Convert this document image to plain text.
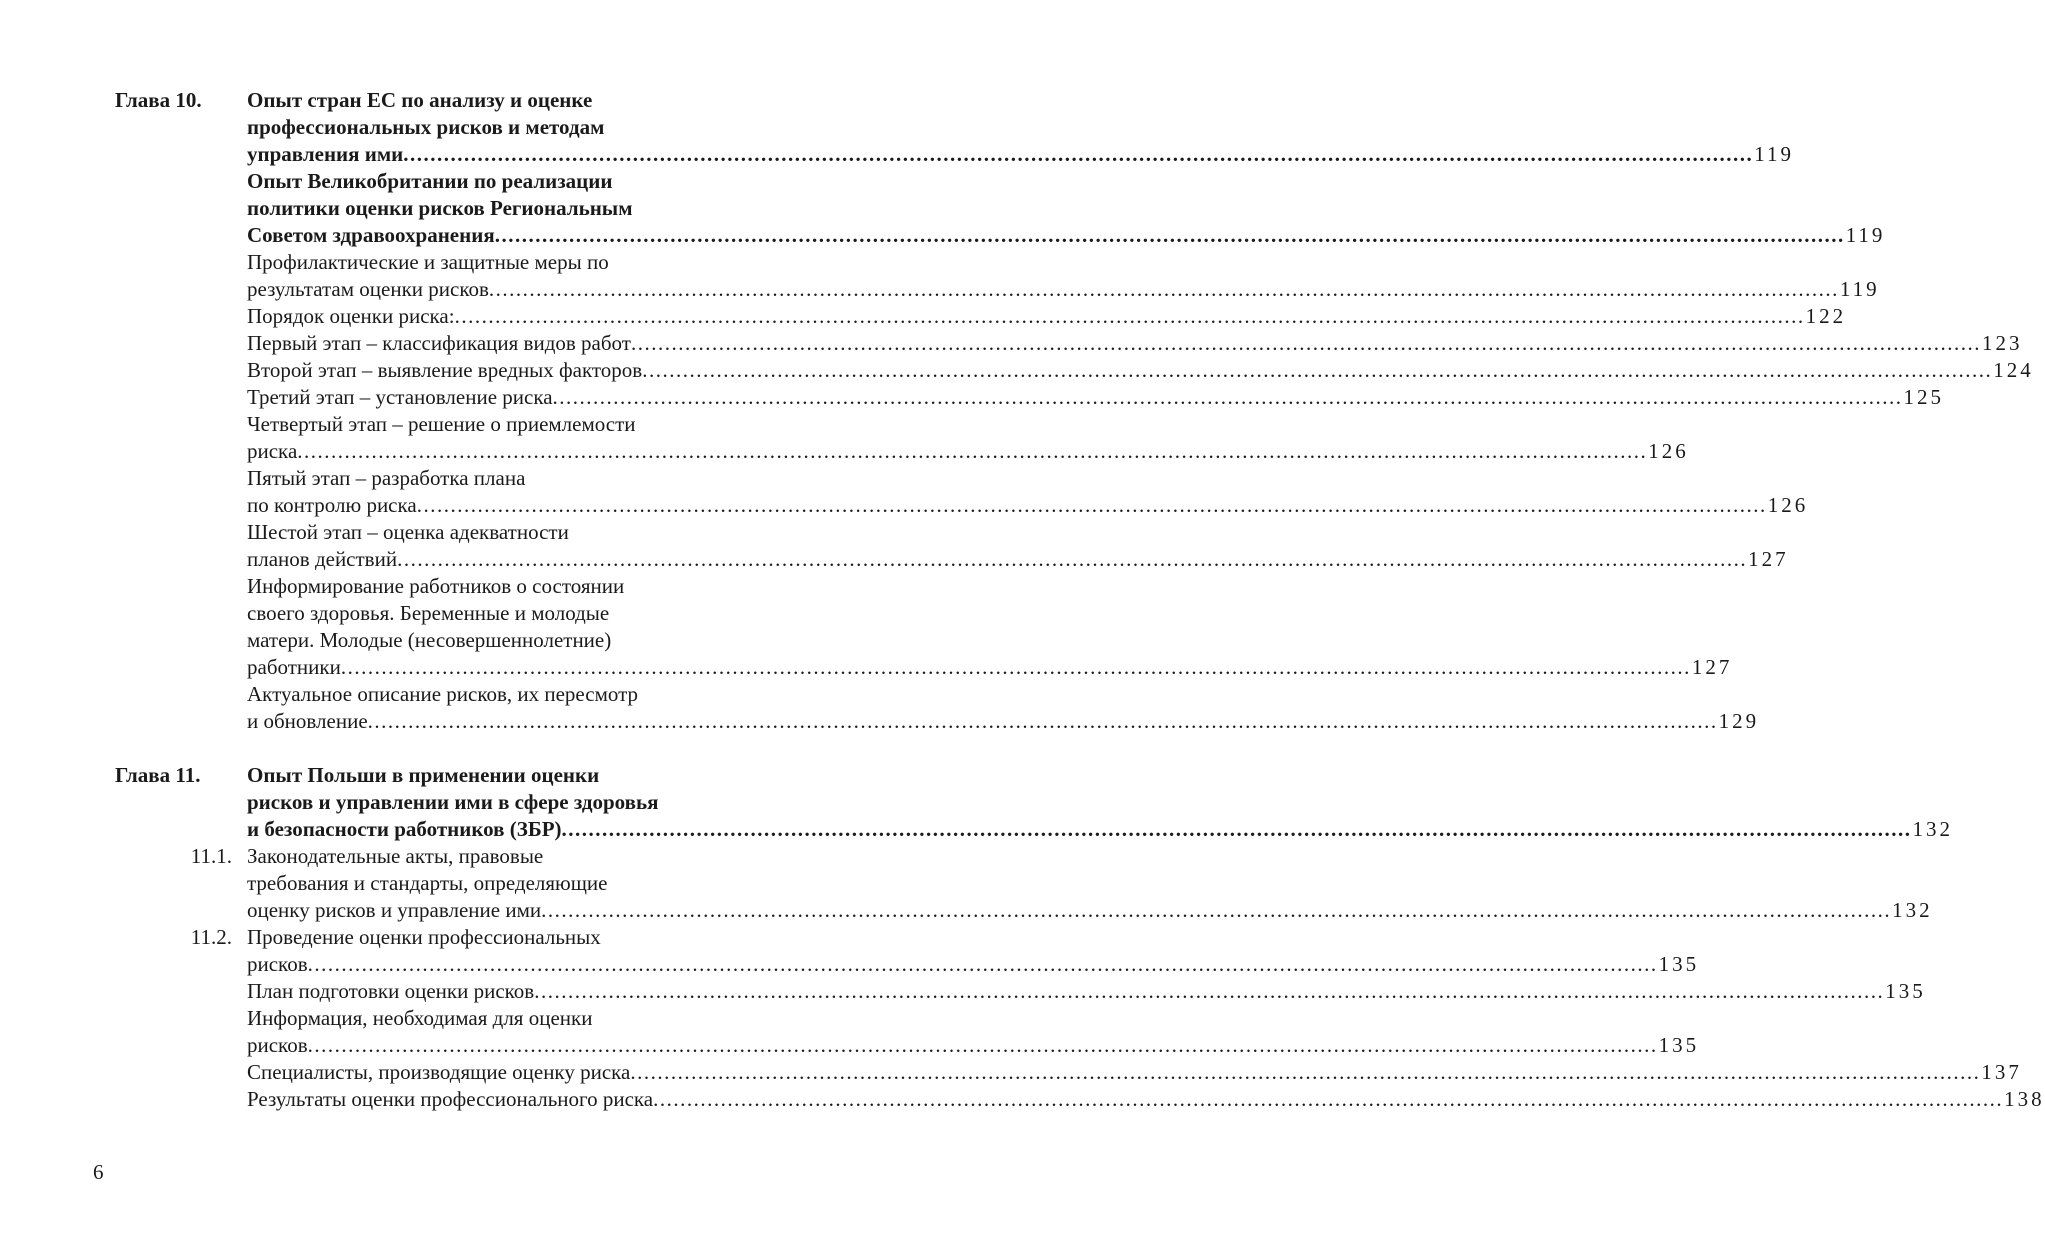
Глава 10. Опыт стран ЕС по анализу и оценке
профессиональных рисков и методам
управления ими ........................................................................................................................................................................................................ 119
Опыт Великобритании по реализации
политики оценки рисков Региональным
Советом здравоохранения ........................................................................................................................................................................................................ 119
Профилактические и защитные меры по
результатам оценки рисков ........................................................................................................................................................................................................ 119
Порядок оценки риска: ........................................................................................................................................................................................................ 122
Первый этап – классификация видов работ ........................................................................................................................................................................................................ 123
Второй этап – выявление вредных факторов ........................................................................................................................................................................................................ 124
Третий этап – установление риска ........................................................................................................................................................................................................ 125
Четвертый этап – решение о приемлемости
риска ........................................................................................................................................................................................................ 126
Пятый этап – разработка плана
по контролю риска ........................................................................................................................................................................................................ 126
Шестой этап – оценка адекватности
планов действий ........................................................................................................................................................................................................ 127
Информирование работников о состоянии
своего здоровья. Беременные и молодые
матери. Молодые (несовершеннолетние)
работники ........................................................................................................................................................................................................ 127
Актуальное описание рисков, их пересмотр
и обновление ........................................................................................................................................................................................................ 129
Глава 11. Опыт Польши в применении оценки
рисков и управлении ими в сфере здоровья
и безопасности работников (ЗБР) ........................................................................................................................................................................................................ 132
11.1. Законодательные акты, правовые
требования и стандарты, определяющие
оценку рисков и управление ими ........................................................................................................................................................................................................ 132
11.2. Проведение оценки профессиональных
рисков ........................................................................................................................................................................................................ 135
План подготовки оценки рисков ........................................................................................................................................................................................................ 135
Информация, необходимая для оценки
рисков ........................................................................................................................................................................................................ 135
Специалисты, производящие оценку риска ........................................................................................................................................................................................................ 137
Результаты оценки профессионального риска ........................................................................................................................................................................................................ 138
6
